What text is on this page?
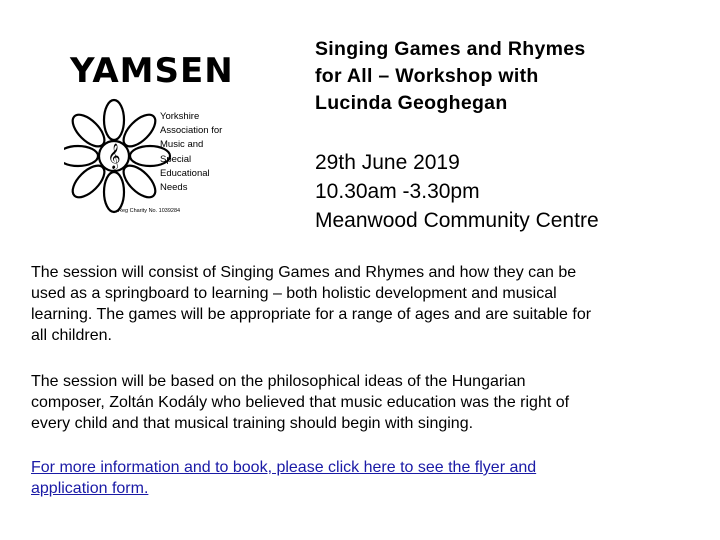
𝄞
YAMSEN
Yorkshire
Association for
Music and
Special
Educational
Needs
Reg Charity No. 1039284
Singing Games and Rhymes
for All – Workshop with
Lucinda Geoghegan
29th June 2019
10.30am -3.30pm
Meanwood Community Centre
The session will consist of Singing Games and Rhymes and how they can be
used as a springboard to learning – both holistic development and musical
learning. The games will be appropriate for a range of ages and are suitable for
all children.
The session will be based on the philosophical ideas of the Hungarian
composer, Zoltán Kodály who believed that music education was the right of
every child and that musical training should begin with singing.
For more information and to book, please click here to see the flyer and
application form.
